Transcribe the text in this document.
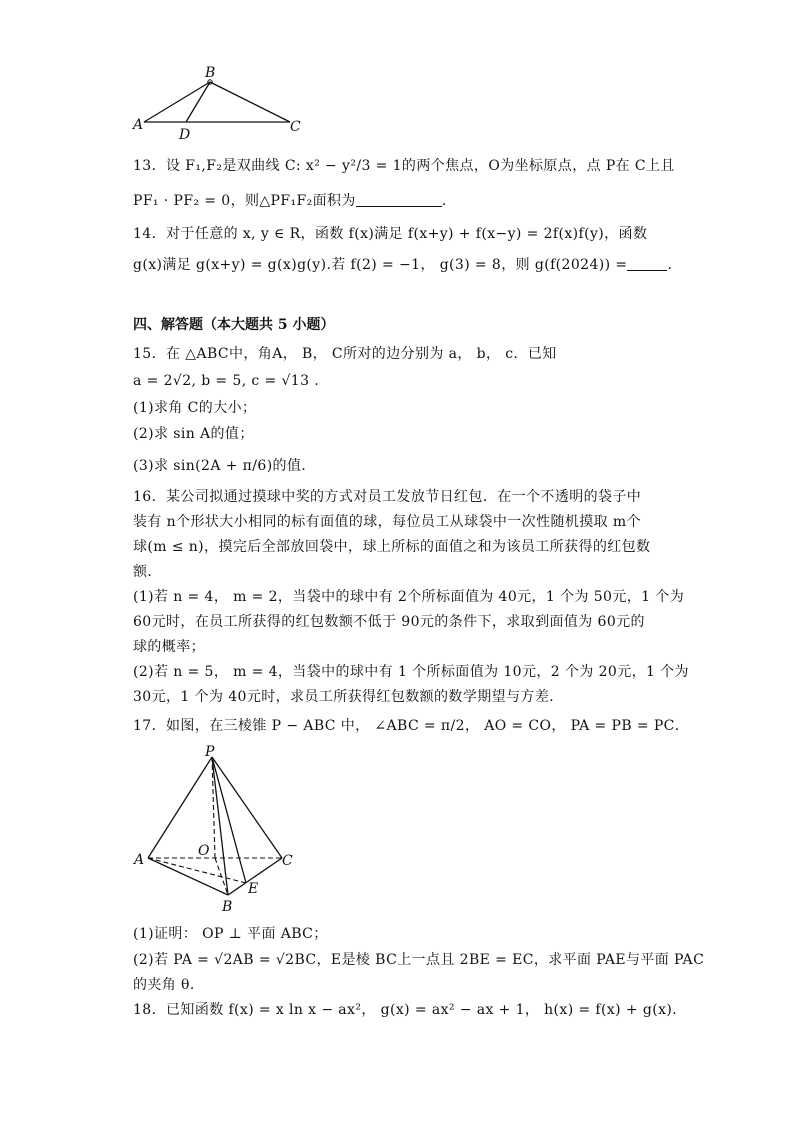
B
A
D	C
13．设 F₁,F₂是双曲线 C: x² − y²/3 = 1的两个焦点，O为坐标原点，点 P在 C上且
PF₁ · PF₂ = 0，则△PF₁F₂面积为	.
14．对于任意的 x, y ∈ R，函数 f(x)满足 f(x+y) + f(x−y) = 2f(x)f(y)，函数
g(x)满足 g(x+y) = g(x)g(y).若 f(2) = −1， g(3) = 8，则 g(f(2024)) =	.
四、解答题（本大题共 5 小题）
15．在 △ABC中，角A， B， C所对的边分别为 a， b， c．已知
a = 2√2, b = 5, c = √13 .
(1)求角 C的大小；
(2)求 sin A的值；
(3)求 sin(2A + π/6)的值．
16．某公司拟通过摸球中奖的方式对员工发放节日红包．在一个不透明的袋子中
装有 n个形状大小相同的标有面值的球，每位员工从球袋中一次性随机摸取 m个
球(m ≤ n)，摸完后全部放回袋中，球上所标的面值之和为该员工所获得的红包数
额．
(1)若 n = 4， m = 2，当袋中的球中有 2个所标面值为 40元，1 个为 50元，1 个为
60元时，在员工所获得的红包数额不低于 90元的条件下，求取到面值为 60元的
球的概率；
(2)若 n = 5， m = 4，当袋中的球中有 1 个所标面值为 10元，2 个为 20元，1 个为
30元，1 个为 40元时，求员工所获得红包数额的数学期望与方差．
17．如图，在三棱锥 P − ABC 中， ∠ABC = π/2， AO = CO， PA = PB = PC．
P
A
O
C
E
B
(1)证明： OP ⊥ 平面 ABC；
(2)若 PA = √2AB = √2BC，E是棱 BC上一点且 2BE = EC，求平面 PAE与平面 PAC
的夹角 θ．
18．已知函数 f(x) = x ln x − ax²， g(x) = ax² − ax + 1， h(x) = f(x) + g(x)．
